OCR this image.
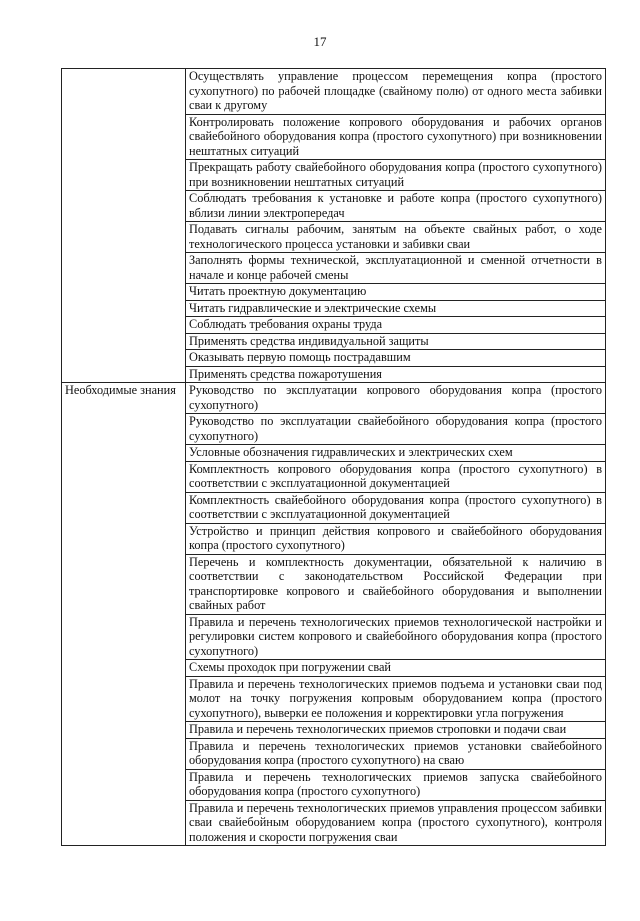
17
	Осуществлять управление процессом перемещения копра (простого сухопутного) по рабочей площадке (свайному полю) от одного места забивки сваи к другому
	Контролировать положение копрового оборудования и рабочих органов свайебойного оборудования копра (простого сухопутного) при возникновении нештатных ситуаций
	Прекращать работу свайебойного оборудования копра (простого сухопутного) при возникновении нештатных ситуаций
	Соблюдать требования к установке и работе копра (простого сухопутного) вблизи линии электропередач
	Подавать сигналы рабочим, занятым на объекте свайных работ, о ходе технологического процесса установки и забивки сваи
	Заполнять формы технической, эксплуатационной и сменной отчетности в начале и конце рабочей смены
	Читать проектную документацию
	Читать гидравлические и электрические схемы
	Соблюдать требования охраны труда
	Применять средства индивидуальной защиты
	Оказывать первую помощь пострадавшим
	Применять средства пожаротушения
Необходимые знания	Руководство по эксплуатации копрового оборудования копра (простого сухопутного)
	Руководство по эксплуатации свайебойного оборудования копра (простого сухопутного)
	Условные обозначения гидравлических и электрических схем
	Комплектность копрового оборудования копра (простого сухопутного) в соответствии с эксплуатационной документацией
	Комплектность свайебойного оборудования копра (простого сухопутного) в соответствии с эксплуатационной документацией
	Устройство и принцип действия копрового и свайебойного оборудования копра (простого сухопутного)
	Перечень и комплектность документации, обязательной к наличию в соответствии с законодательством Российской Федерации при транспортировке копрового и свайебойного оборудования и выполнении свайных работ
	Правила и перечень технологических приемов технологической настройки и регулировки систем копрового и свайебойного оборудования копра (простого сухопутного)
	Схемы проходок при погружении свай
	Правила и перечень технологических приемов подъема и установки сваи под молот на точку погружения копровым оборудованием копра (простого сухопутного), выверки ее положения и корректировки угла погружения
	Правила и перечень технологических приемов строповки и подачи сваи
	Правила и перечень технологических приемов установки свайебойного оборудования копра (простого сухопутного) на сваю
	Правила и перечень технологических приемов запуска свайебойного оборудования копра (простого сухопутного)
	Правила и перечень технологических приемов управления процессом забивки сваи свайебойным оборудованием копра (простого сухопутного), контроля положения и скорости погружения сваи
